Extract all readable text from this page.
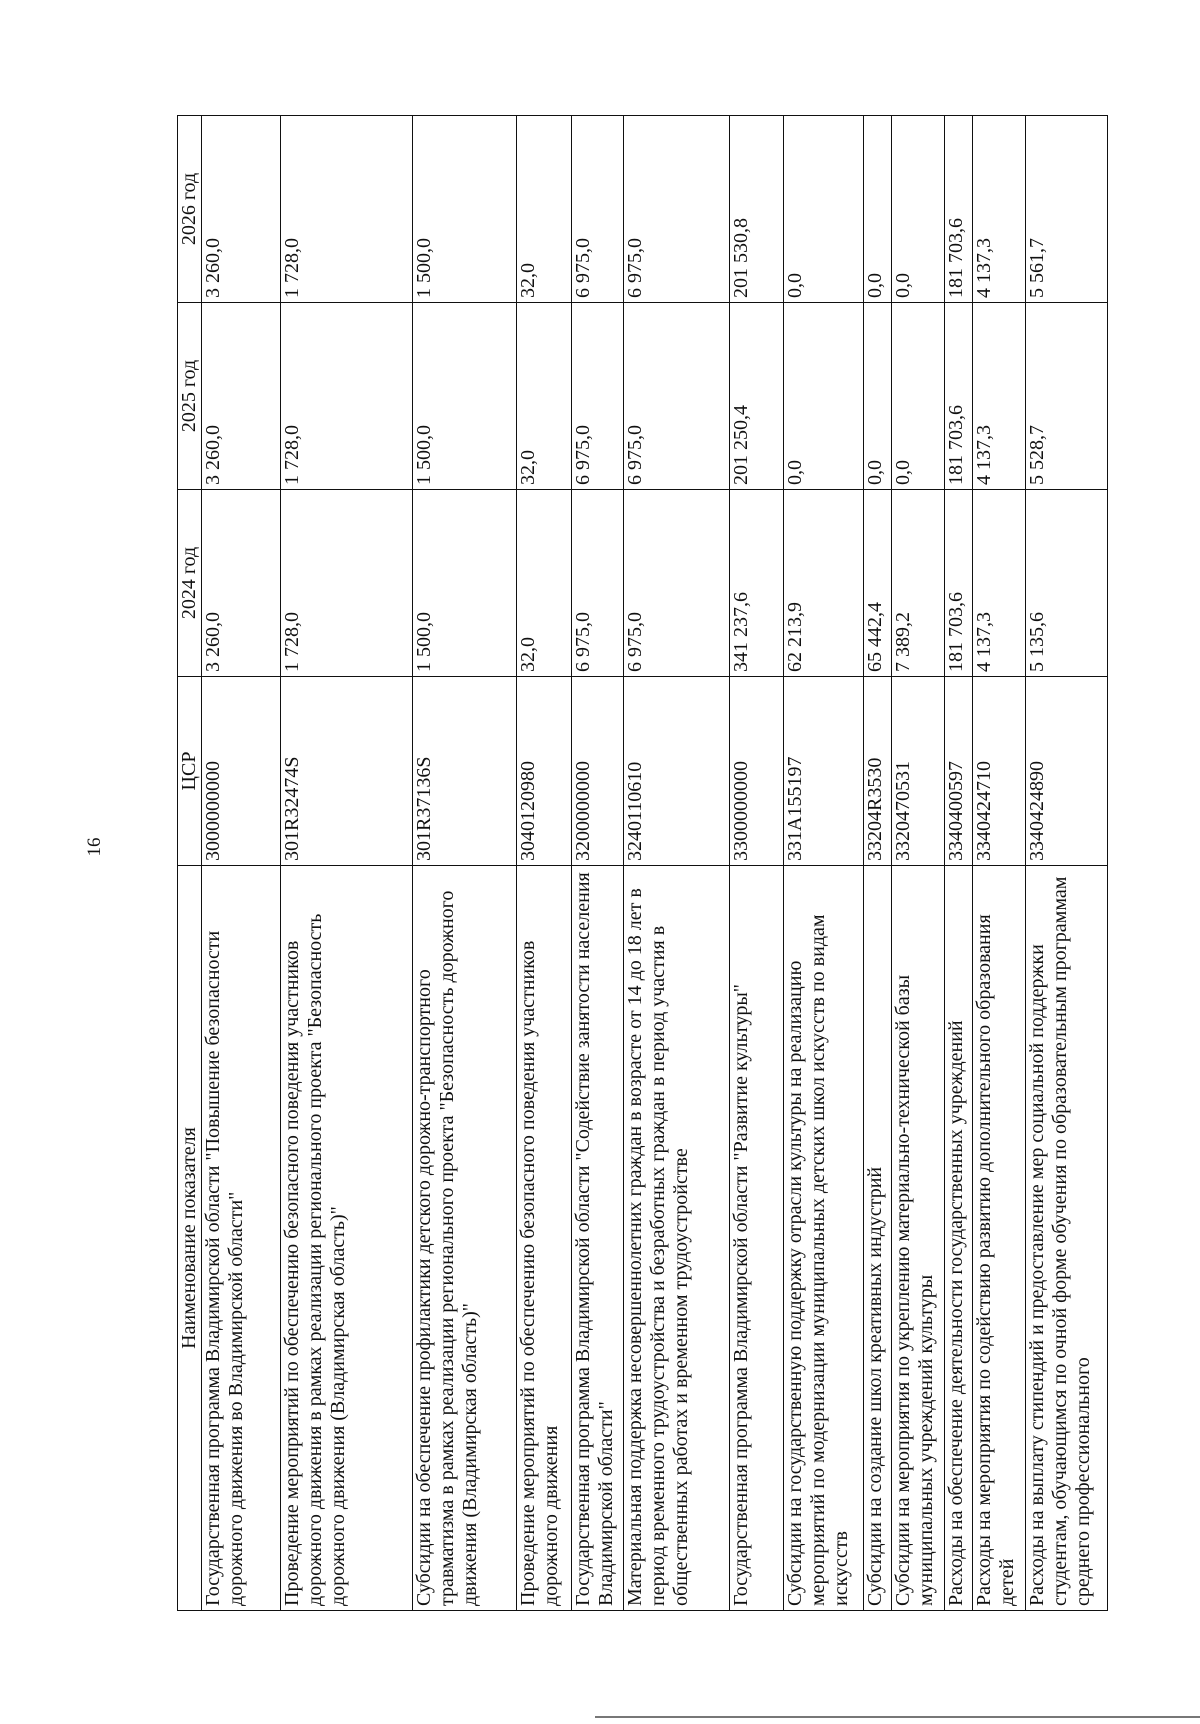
16
Наименование показателя	ЦСР	2024 год	2025 год	2026 год
Государственная программа Владимирской области "Повышение безопасности дорожного движения во Владимирской области"	3000000000	3 260,0	3 260,0	3 260,0
Проведение мероприятий по обеспечению безопасного поведения участников дорожного движения в рамках реализации регионального проекта "Безопасность дорожного движения (Владимирская область)"	301R32474S	1 728,0	1 728,0	1 728,0
Субсидии на обеспечение профилактики детского дорожно-транспортного травматизма в рамках реализации регионального проекта "Безопасность дорожного движения (Владимирская область)"	301R37136S	1 500,0	1 500,0	1 500,0
Проведение мероприятий по обеспечению безопасного поведения участников дорожного движения	3040120980	32,0	32,0	32,0
Государственная программа Владимирской области "Содействие занятости населения Владимирской области"	3200000000	6 975,0	6 975,0	6 975,0
Материальная поддержка несовершеннолетних граждан в возрасте от 14 до 18 лет в период временного трудоустройства и безработных граждан в период участия в общественных работах и временном трудоустройстве	3240110610	6 975,0	6 975,0	6 975,0
Государственная программа Владимирской области "Развитие культуры"	3300000000	341 237,6	201 250,4	201 530,8
Субсидии на государственную поддержку отрасли культуры на реализацию мероприятий по модернизации муниципальных детских школ искусств по видам искусств	331A155197	62 213,9	0,0	0,0
Субсидии на создание школ креативных индустрий	33204R3530	65 442,4	0,0	0,0
Субсидии на мероприятия по укреплению материально-технической базы муниципальных учреждений культуры	3320470531	7 389,2	0,0	0,0
Расходы на обеспечение деятельности государственных учреждений	3340400597	181 703,6	181 703,6	181 703,6
Расходы на мероприятия по содействию развитию дополнительного образования детей	3340424710	4 137,3	4 137,3	4 137,3
Расходы на выплату стипендий и предоставление мер социальной поддержки студентам, обучающимся по очной форме обучения по образовательным программам среднего профессионального	3340424890	5 135,6	5 528,7	5 561,7
